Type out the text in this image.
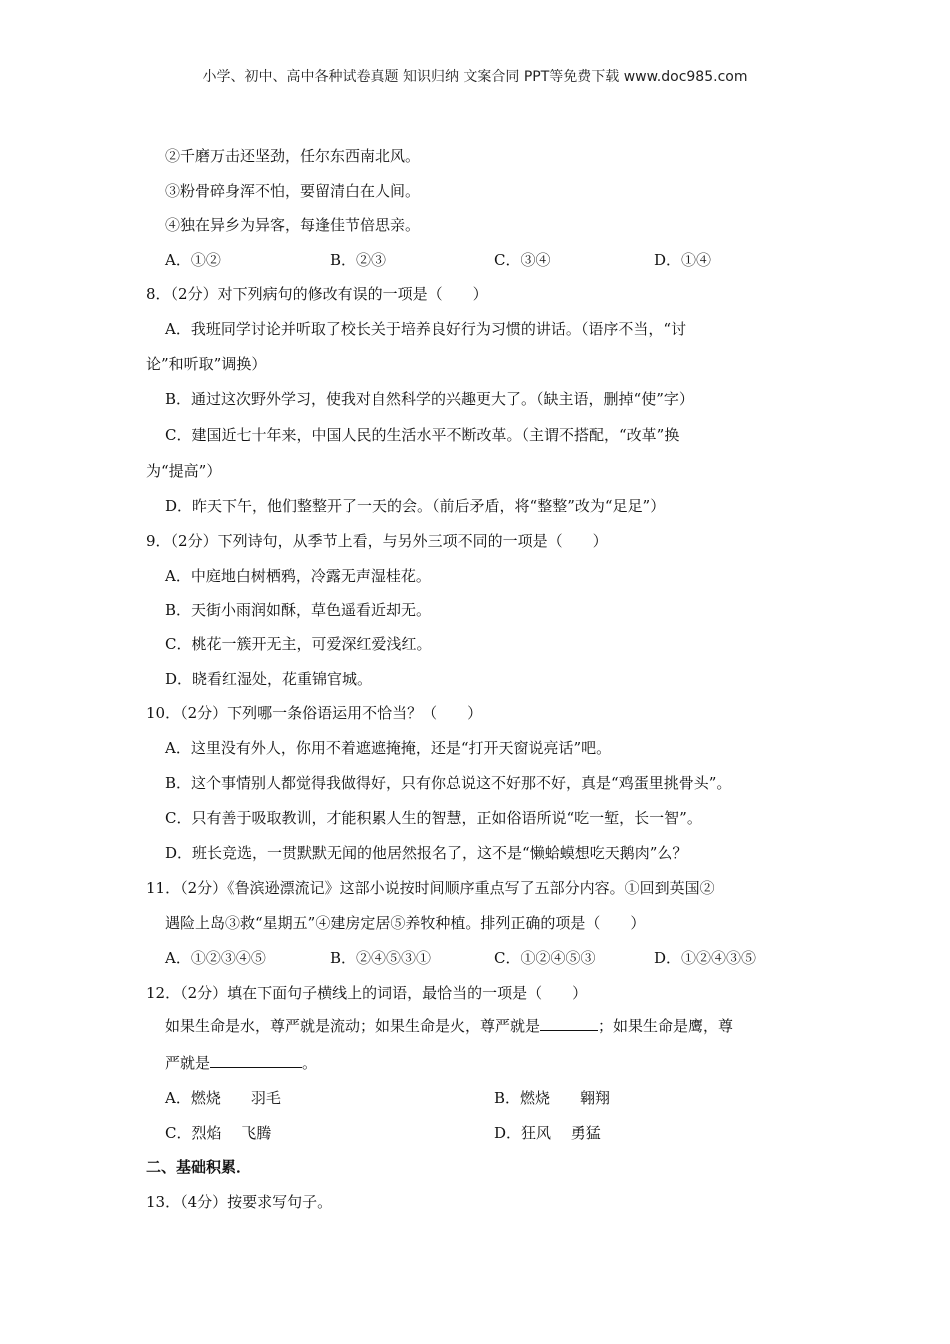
小学、初中、高中各种试卷真题 知识归纳 文案合同 PPT等免费下载 www.doc985.com
②千磨万击还坚劲，任尔东西南北风。
③粉骨碎身浑不怕，要留清白在人间。
④独在异乡为异客，每逢佳节倍思亲。
A．①②	B．②③	C．③④	D．①④
8．（2分）对下列病句的修改有误的一项是（　　）
A．我班同学讨论并听取了校长关于培养良好行为习惯的讲话。（语序不当，“讨
论”和听取”调换）
B．通过这次野外学习，使我对自然科学的兴趣更大了。（缺主语，删掉“使”字）
C．建国近七十年来，中国人民的生活水平不断改革。（主谓不搭配，“改革”换
为“提高”）
D．昨天下午，他们整整开了一天的会。（前后矛盾，将“整整”改为“足足”）
9．（2分）下列诗句，从季节上看，与另外三项不同的一项是（　　）
A．中庭地白树栖鸦，冷露无声湿桂花。
B．天街小雨润如酥，草色遥看近却无。
C．桃花一簇开无主，可爱深红爱浅红。
D．晓看红湿处，花重锦官城。
10．（2分）下列哪一条俗语运用不恰当？（　　）
A．这里没有外人，你用不着遮遮掩掩，还是“打开天窗说亮话”吧。
B．这个事情别人都觉得我做得好，只有你总说这不好那不好，真是“鸡蛋里挑骨头”。
C．只有善于吸取教训，才能积累人生的智慧，正如俗语所说“吃一堑，长一智”。
D．班长竞选，一贯默默无闻的他居然报名了，这不是“懒蛤蟆想吃天鹅肉”么？
11．（2分）《鲁滨逊漂流记》这部小说按时间顺序重点写了五部分内容。①回到英国②
遇险上岛③救“星期五”④建房定居⑤养牧种植。排列正确的项是（　　）
A．①②③④⑤	B．②④⑤③①	C．①②④⑤③	D．①②④③⑤
12．（2分）填在下面句子横线上的词语，最恰当的一项是（　　）
如果生命是水，尊严就是流动；如果生命是火，尊严就是	；如果生命是鹰，尊
严就是	。
A．燃烧　　羽毛	B．燃烧　　翱翔
C．烈焰　 飞腾	D．狂风　 勇猛
二、基础积累．
13．（4分）按要求写句子。
